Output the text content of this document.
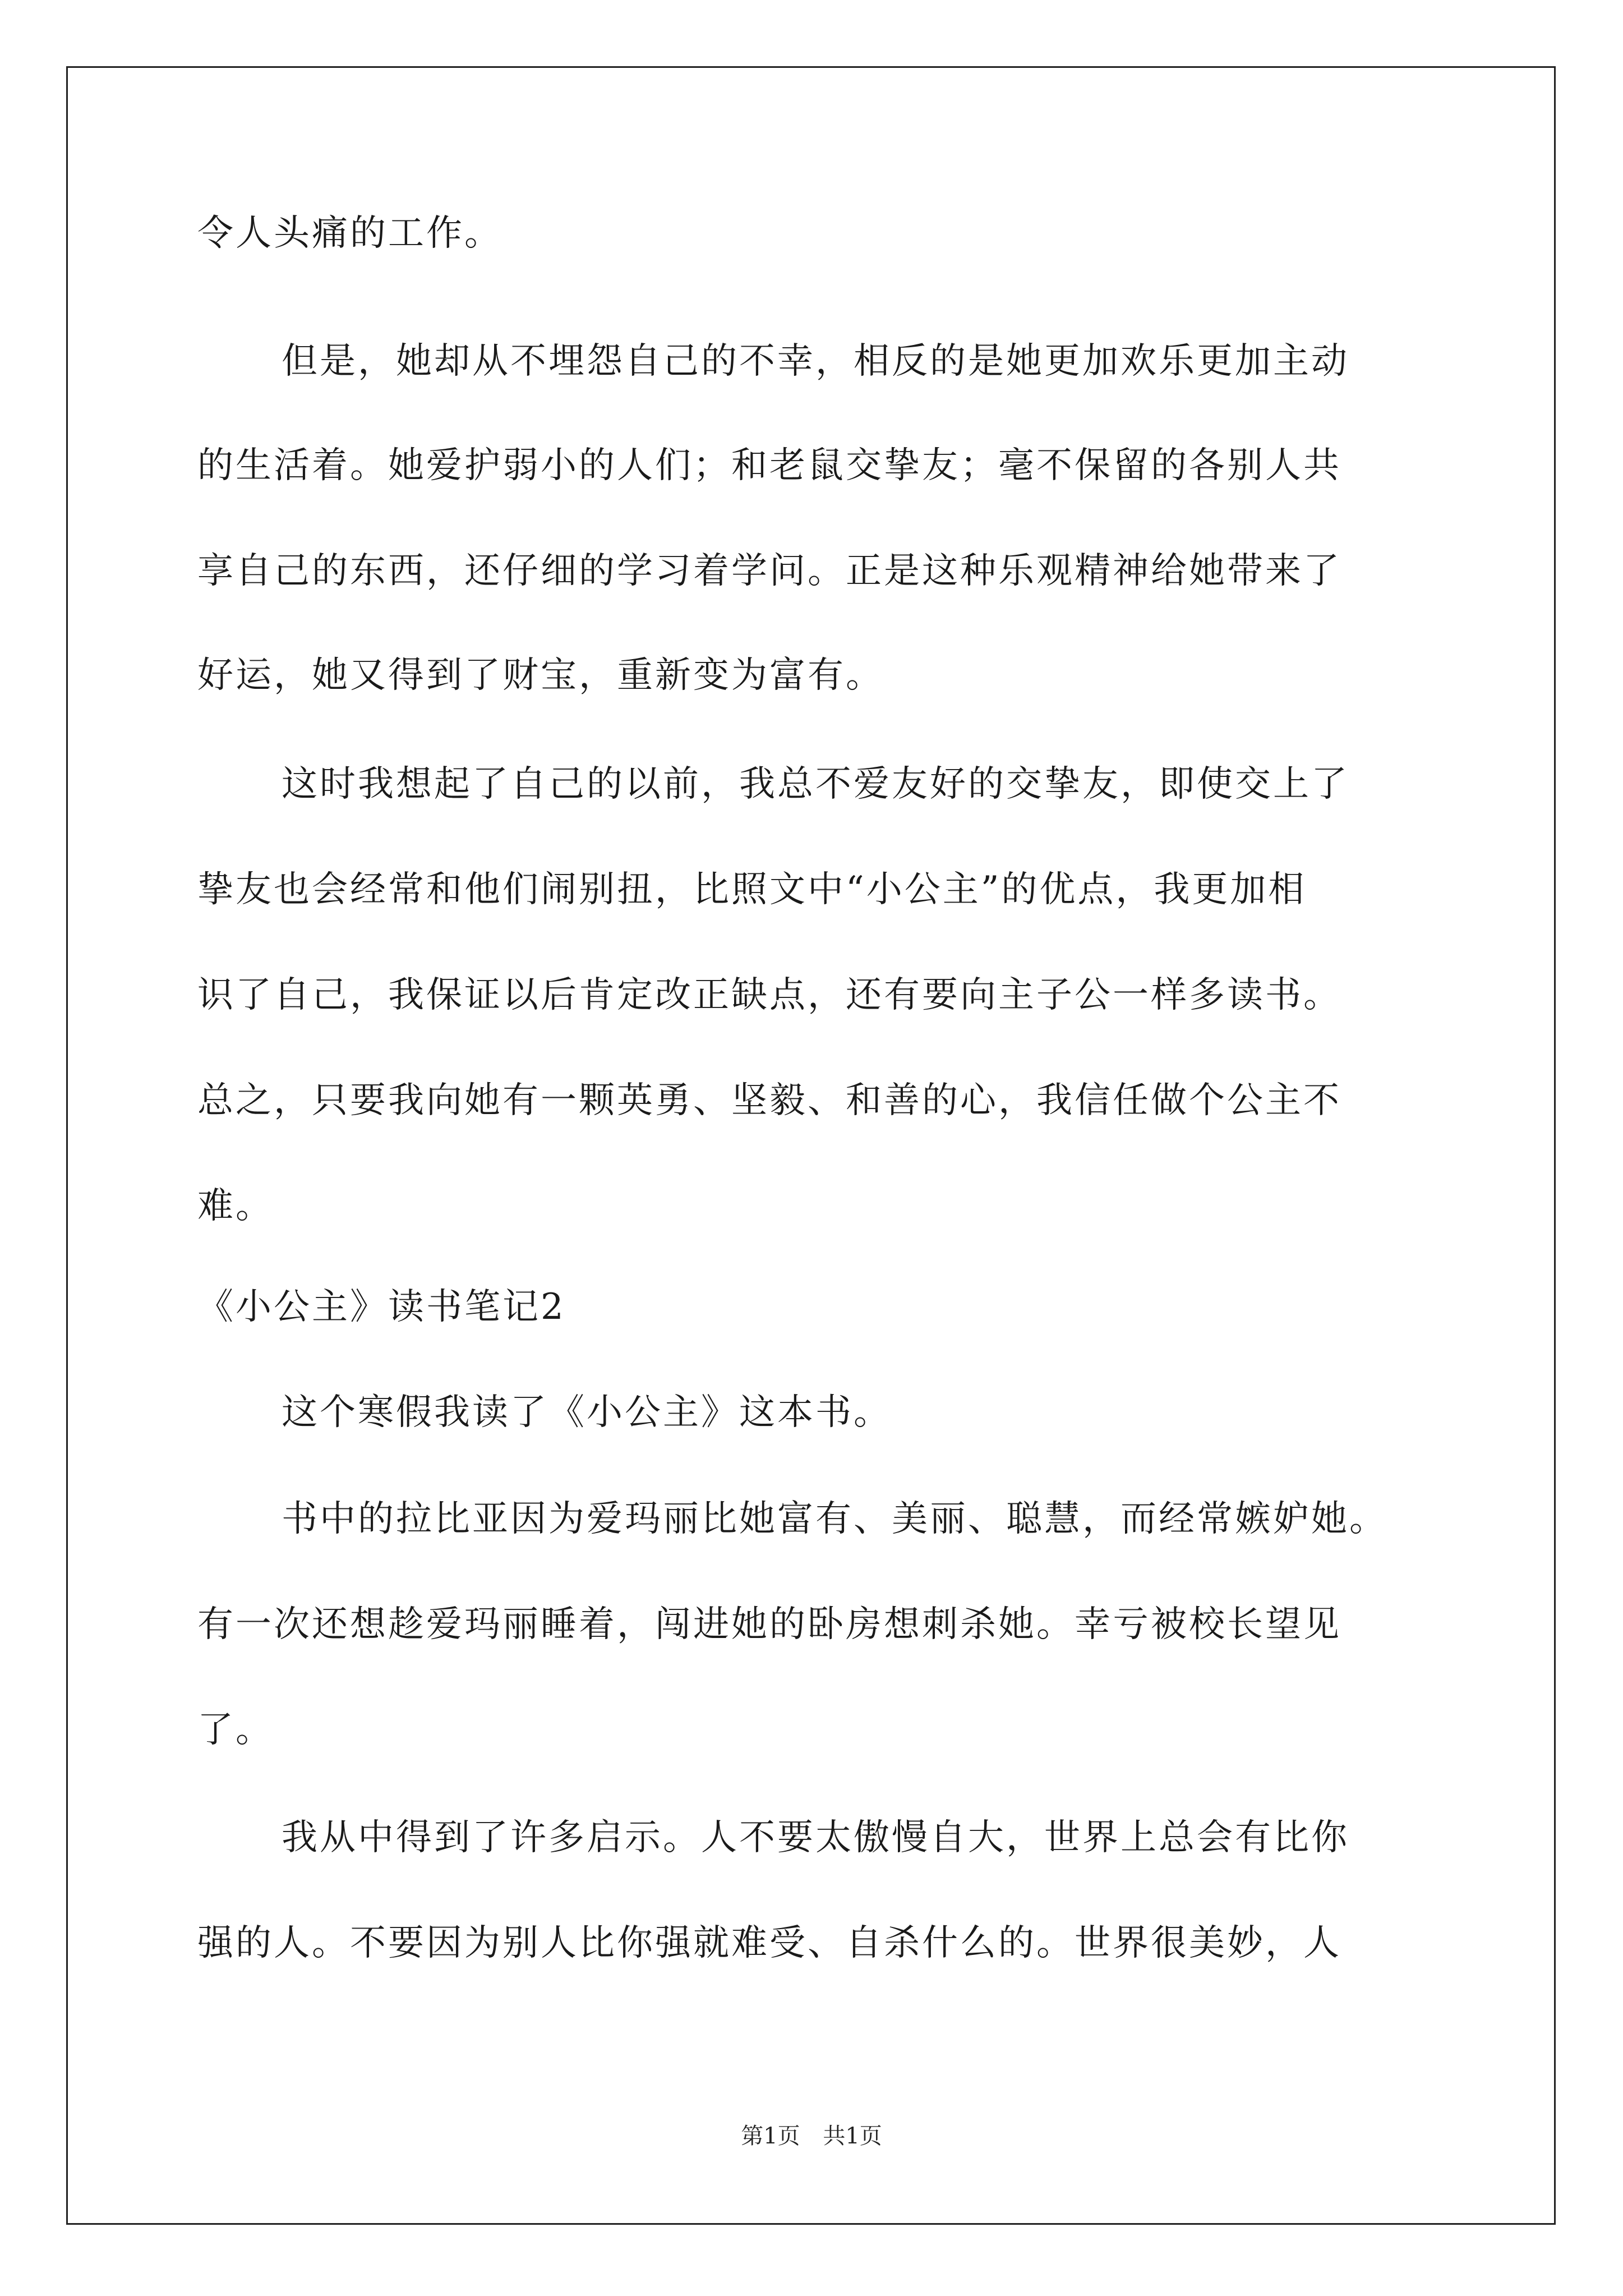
令人头痛的工作。
但是，她却从不埋怨自己的不幸，相反的是她更加欢乐更加主动
的生活着。她爱护弱小的人们；和老鼠交挚友；毫不保留的各别人共
享自己的东西，还仔细的学习着学问。正是这种乐观精神给她带来了
好运，她又得到了财宝，重新变为富有。
这时我想起了自己的以前，我总不爱友好的交挚友，即使交上了
挚友也会经常和他们闹别扭，比照文中“小公主”的优点，我更加相
识了自己，我保证以后肯定改正缺点，还有要向主子公一样多读书。
总之，只要我向她有一颗英勇、坚毅、和善的心，我信任做个公主不
难。
《小公主》读书笔记2
这个寒假我读了《小公主》这本书。
书中的拉比亚因为爱玛丽比她富有、美丽、聪慧，而经常嫉妒她。
有一次还想趁爱玛丽睡着，闯进她的卧房想刺杀她。幸亏被校长望见
了。
我从中得到了许多启示。人不要太傲慢自大，世界上总会有比你
强的人。不要因为别人比你强就难受、自杀什么的。世界很美妙，人
第1页 共1页
